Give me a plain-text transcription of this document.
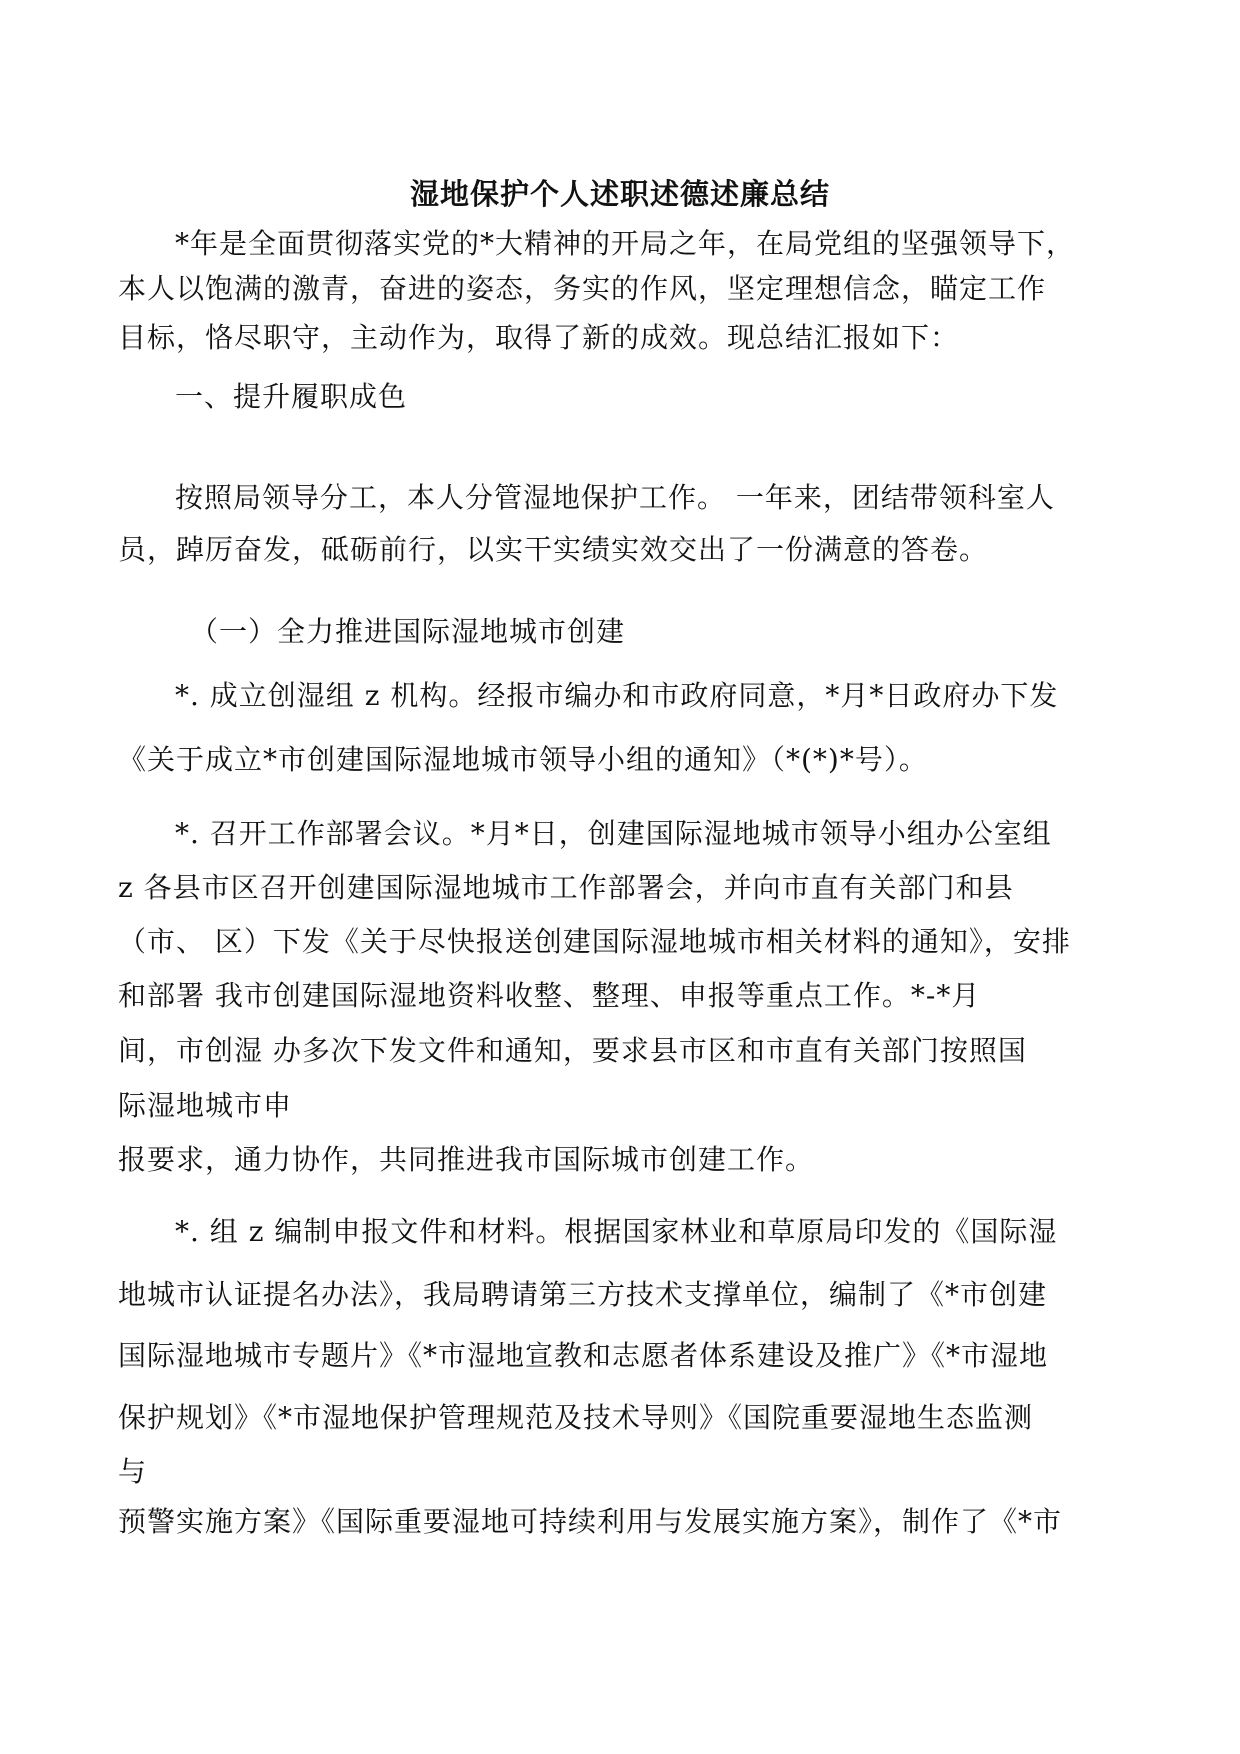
湿地保护个人述职述德述廉总结
*年是全面贯彻落实党的*大精神的开局之年，在局党组的坚强领导下，
本人以饱满的激青，奋进的姿态，务实的作风，坚定理想信念，瞄定工作
目标，恪尽职守，主动作为，取得了新的成效。现总结汇报如下：
一、提升履职成色
按照局领导分工，本人分管湿地保护工作。 一年来，团结带领科室人
员，踔厉奋发，砥砺前行，以实干实绩实效交出了一份满意的答卷。
（一）全力推进国际湿地城市创建
*. 成立创湿组 z 机构。经报市编办和市政府同意，*月*日政府办下发
《关于成立*市创建国际湿地城市领导小组的通知》（*(*)*号）。
*. 召开工作部署会议。*月*日，创建国际湿地城市领导小组办公室组
z 各县市区召开创建国际湿地城市工作部署会，并向市直有关部门和县
（市、 区）下发《关于尽快报送创建国际湿地城市相关材料的通知》，安排
和部署 我市创建国际湿地资料收整、整理、申报等重点工作。*-*月
间，市创湿 办多次下发文件和通知，要求县市区和市直有关部门按照国
际湿地城市申
报要求，通力协作，共同推进我市国际城市创建工作。
*. 组 z 编制申报文件和材料。根据国家林业和草原局印发的《国际湿
地城市认证提名办法》，我局聘请第三方技术支撑单位，编制了《*市创建
国际湿地城市专题片》《*市湿地宣教和志愿者体系建设及推广》《*市湿地
保护规划》《*市湿地保护管理规范及技术导则》《国院重要湿地生态监测
与
预警实施方案》《国际重要湿地可持续利用与发展实施方案》，制作了《*市
